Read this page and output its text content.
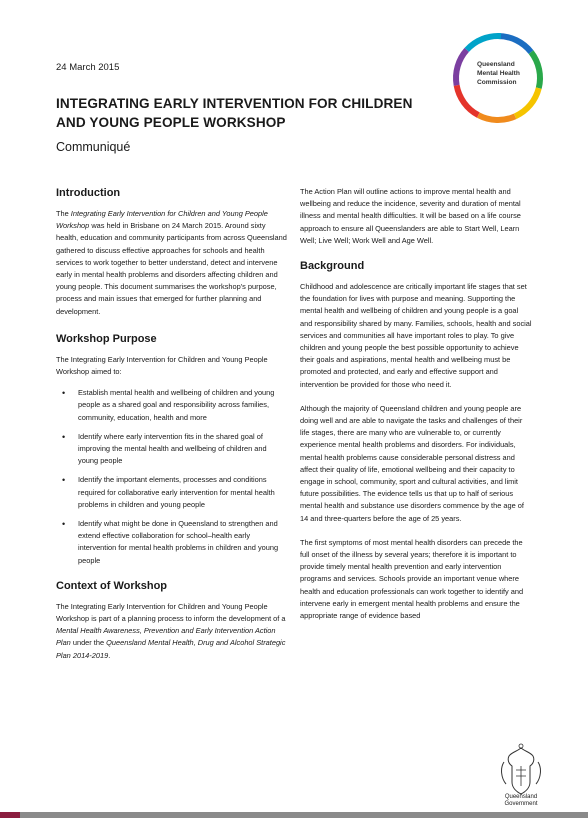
24 March 2015
INTEGRATING EARLY INTERVENTION FOR CHILDREN AND YOUNG PEOPLE WORKSHOP
Communiqué
Queensland
Mental Health
Commission
Introduction

The Integrating Early Intervention for Children and Young People Workshop was held in Brisbane on 24 March 2015. Around sixty health, education and community participants from across Queensland gathered to discuss effective approaches for schools and health services to work together to better understand, detect and intervene early in mental health problems and disorders affecting children and young people. This document summarises the workshop's purpose, process and main issues that emerged for further planning and development.

Workshop Purpose

The Integrating Early Intervention for Children and Young People Workshop aimed to:

• Establish mental health and wellbeing of children and young people as a shared goal and responsibility across families, community, education, health and more
• Identify where early intervention fits in the shared goal of improving the mental health and wellbeing of children and young people
• Identify the important elements, processes and conditions required for collaborative early intervention for mental health problems in children and young people
• Identify what might be done in Queensland to strengthen and extend effective collaboration for school–health early intervention for mental health problems in children and young people
Context of Workshop

The Integrating Early Intervention for Children and Young People Workshop is part of a planning process to inform the development of a Mental Health Awareness, Prevention and Early Intervention Action Plan under the Queensland Mental Health, Drug and Alcohol Strategic Plan 2014-2019.

The Action Plan will outline actions to improve mental health and wellbeing and reduce the incidence, severity and duration of mental illness and mental health difficulties. It will be based on a life course approach to ensure all Queenslanders are able to Start Well, Learn Well; Live Well; Work Well and Age Well.

Background

Childhood and adolescence are critically important life stages that set the foundation for lives with purpose and meaning. Supporting the mental health and wellbeing of children and young people is a goal and responsibility shared by many. Families, schools, health and social services and communities all have important roles to play. To give children and young people the best possible opportunity to achieve their goals and aspirations, mental health and wellbeing must be promoted and protected, and early and effective support and intervention be provided for those who need it.

Although the majority of Queensland children and young people are doing well and are able to navigate the tasks and challenges of their life stages, there are many who are vulnerable to, or currently experience mental health problems and disorders. For individuals, mental health problems cause considerable personal distress and affect their quality of life, emotional wellbeing and their capacity to engage in school, community, sport and cultural activities, and limit future possibilities. The evidence tells us that up to half of serious mental health and substance use disorders commence by the age of 14 and three-quarters before the age of 25 years.

The first symptoms of most mental health disorders can precede the full onset of the illness by several years; therefore it is important to provide timely mental health prevention and early intervention programs and services. Schools provide an important venue where health and education professionals can work together to identify and intervene early in emergent mental health problems and ensure the appropriate range of evidence based

Queensland
Government
